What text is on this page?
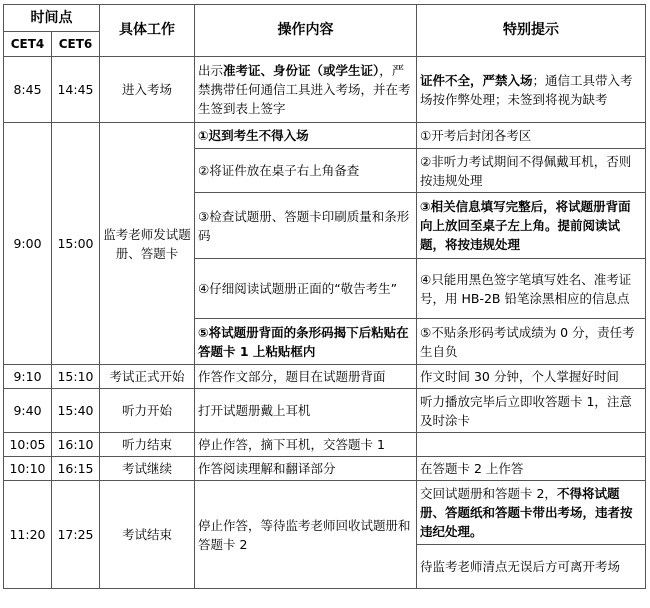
时间点		具体工作	操作内容	特别提示
CET4	CET6			
8:45	14:45	进入考场	出示准考证、身份证（或学生证），严禁携带任何通信工具进入考场，并在考生签到表上签字	证件不全，严禁入场；通信工具带入考场按作弊处理；未签到将视为缺考
9:00	15:00	监考老师发试题册、答题卡	①迟到考生不得入场	①开考后封闭各考区
			②将证件放在桌子右上角备查	②非听力考试期间不得佩戴耳机，否则按违规处理
			③检查试题册、答题卡印刷质量和条形码	③相关信息填写完整后，将试题册背面向上放回至桌子左上角。提前阅读试题，将按违规处理
			④仔细阅读试题册正面的“敬告考生”	④只能用黑色签字笔填写姓名、准考证号，用 HB-2B 铅笔涂黑相应的信息点
			⑤将试题册背面的条形码揭下后粘贴在答题卡 1 上粘贴框内	⑤不贴条形码考试成绩为 0 分，责任考生自负
9:10	15:10	考试正式开始	作答作文部分，题目在试题册背面	作文时间 30 分钟，个人掌握好时间
9:40	15:40	听力开始	打开试题册戴上耳机	听力播放完毕后立即收答题卡 1，注意及时涂卡
10:05	16:10	听力结束	停止作答，摘下耳机，交答题卡 1	
10:10	16:15	考试继续	作答阅读理解和翻译部分	在答题卡 2 上作答
11:20	17:25	考试结束	停止作答，等待监考老师回收试题册和答题卡 2	交回试题册和答题卡 2，不得将试题册、答题纸和答题卡带出考场，违者按违纪处理。
				待监考老师清点无误后方可离开考场
